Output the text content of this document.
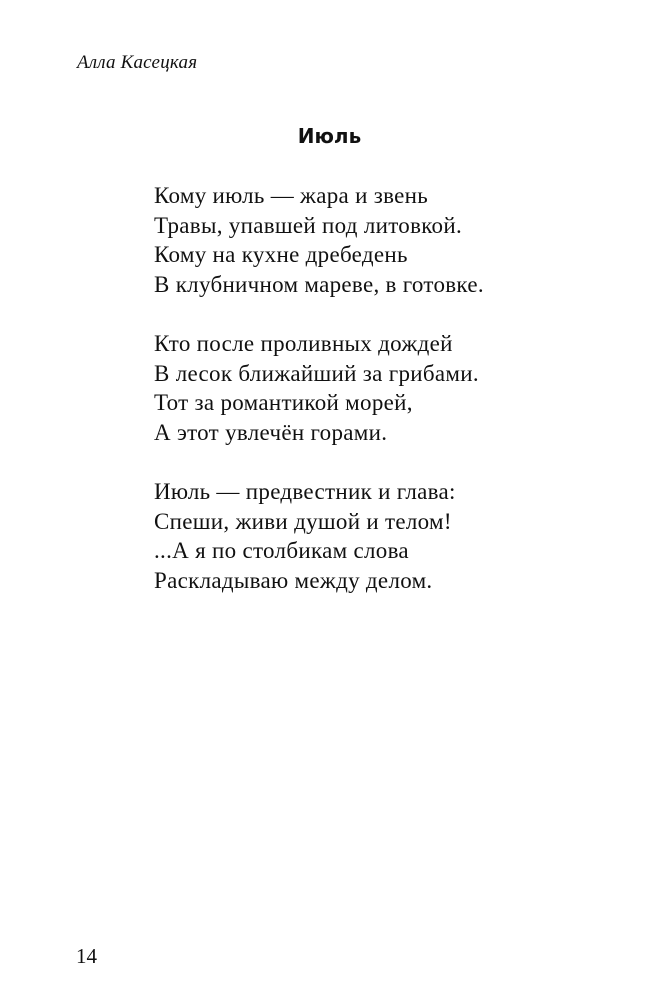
Алла Касецкая
Июль
Кому июль — жара и звень
Травы, упавшей под литовкой.
Кому на кухне дребедень
В клубничном мареве, в готовке.
Кто после проливных дождей
В лесок ближайший за грибами.
Тот за романтикой морей,
А этот увлечён горами.
Июль — предвестник и глава:
Спеши, живи душой и телом!
...А я по столбикам слова
Раскладываю между делом.
14
